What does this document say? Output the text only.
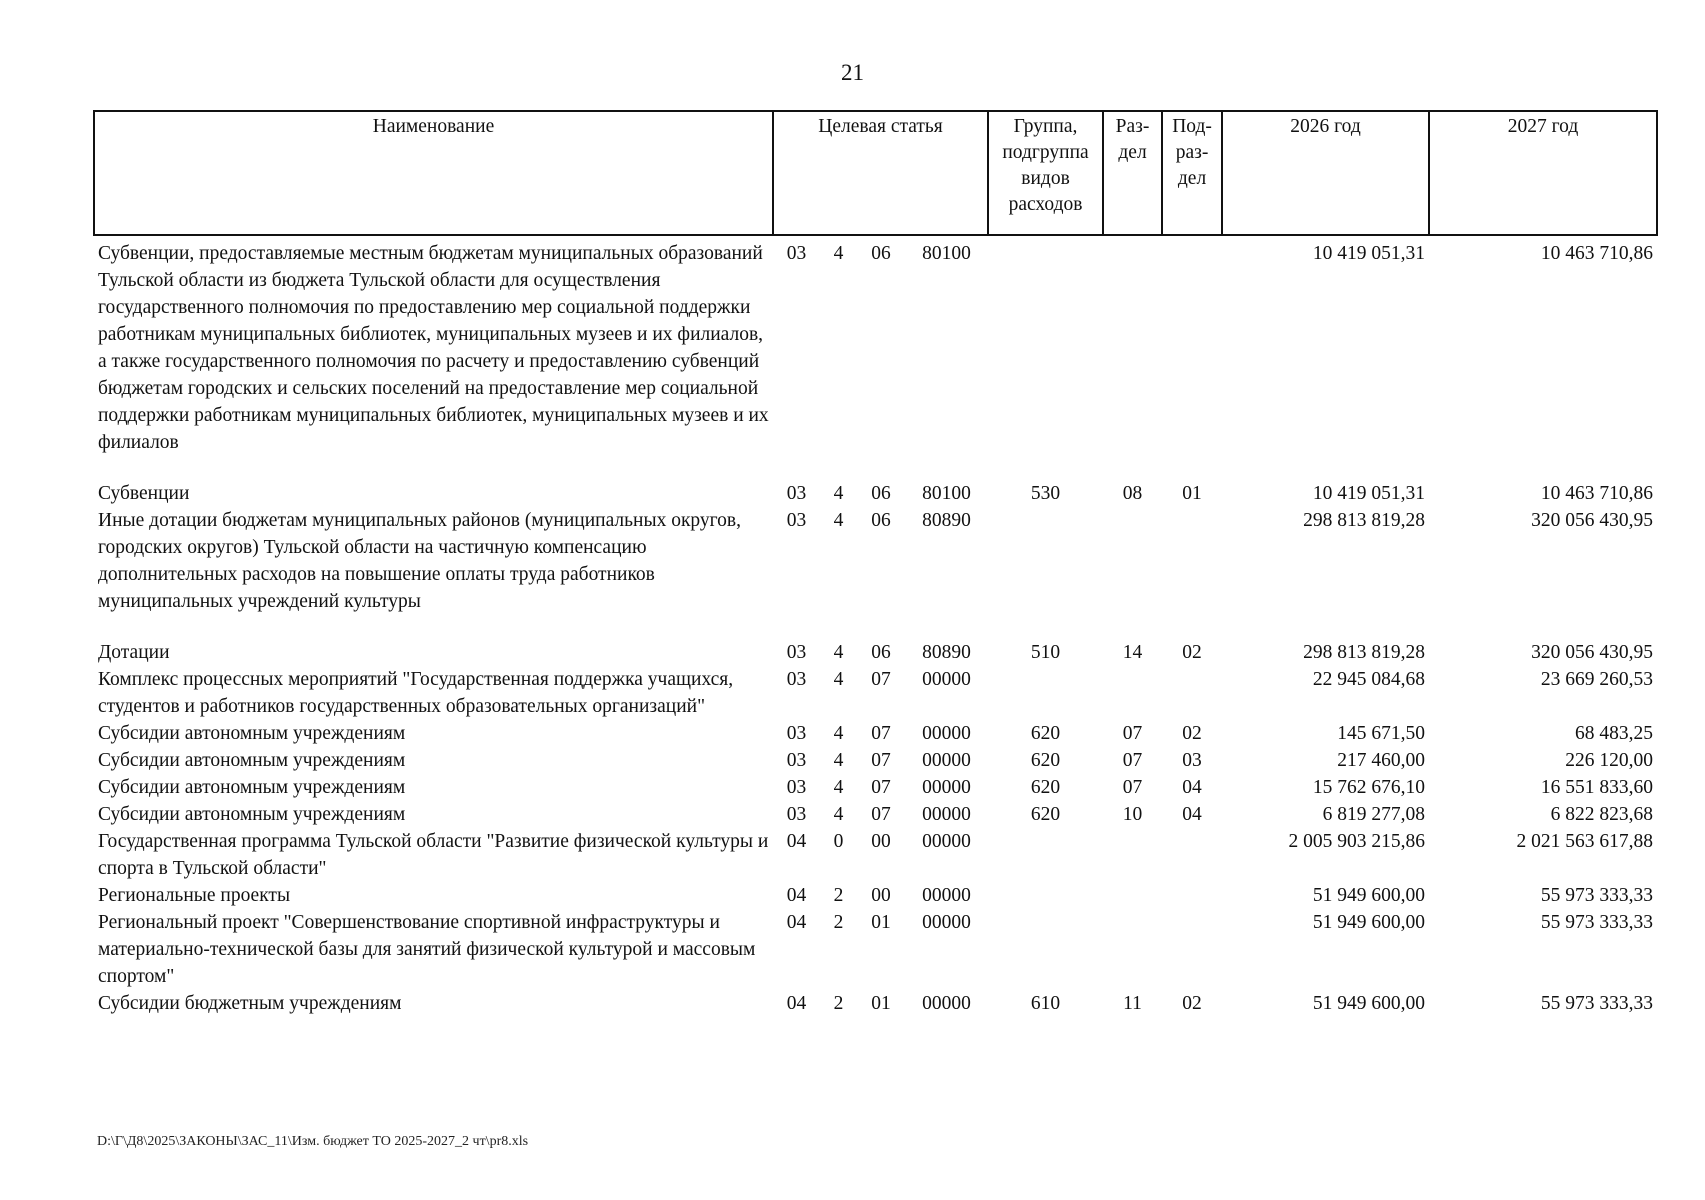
21
Наименование	Целевая статья				Группа, подгруппа видов расходов	Раз- дел	Под- раз- дел	2026 год	2027 год
Субвенции, предоставляемые местным бюджетам муниципальных образований Тульской области из бюджета Тульской области для осуществления государственного полномочия по предоставлению мер социальной поддержки работникам муниципальных библиотек, муниципальных музеев и их филиалов, а также государственного полномочия по расчету и предоставлению субвенций бюджетам городских и сельских поселений на предоставление мер социальной поддержки работникам муниципальных библиотек, муниципальных музеев и их филиалов	03	4	06	80100				10 419 051,31	10 463 710,86
Субвенции	03	4	06	80100	530	08	01	10 419 051,31	10 463 710,86
Иные дотации бюджетам муниципальных районов (муниципальных округов, городских округов) Тульской области на частичную компенсацию дополнительных расходов на повышение оплаты труда работников муниципальных учреждений культуры	03	4	06	80890				298 813 819,28	320 056 430,95
Дотации	03	4	06	80890	510	14	02	298 813 819,28	320 056 430,95
Комплекс процессных мероприятий "Государственная поддержка учащихся, студентов и работников государственных образовательных организаций"	03	4	07	00000				22 945 084,68	23 669 260,53
Субсидии автономным учреждениям	03	4	07	00000	620	07	02	145 671,50	68 483,25
Субсидии автономным учреждениям	03	4	07	00000	620	07	03	217 460,00	226 120,00
Субсидии автономным учреждениям	03	4	07	00000	620	07	04	15 762 676,10	16 551 833,60
Субсидии автономным учреждениям	03	4	07	00000	620	10	04	6 819 277,08	6 822 823,68
Государственная программа Тульской области "Развитие физической культуры и спорта в Тульской области"	04	0	00	00000				2 005 903 215,86	2 021 563 617,88
Региональные проекты	04	2	00	00000				51 949 600,00	55 973 333,33
Региональный проект "Совершенствование спортивной инфраструктуры и материально-технической базы для занятий физической культурой и массовым спортом"	04	2	01	00000				51 949 600,00	55 973 333,33
Субсидии бюджетным учреждениям	04	2	01	00000	610	11	02	51 949 600,00	55 973 333,33
D:\Г\Д8\2025\ЗАКОНЫ\ЗАС_11\Изм. бюджет ТО 2025-2027_2 чт\pr8.xls
